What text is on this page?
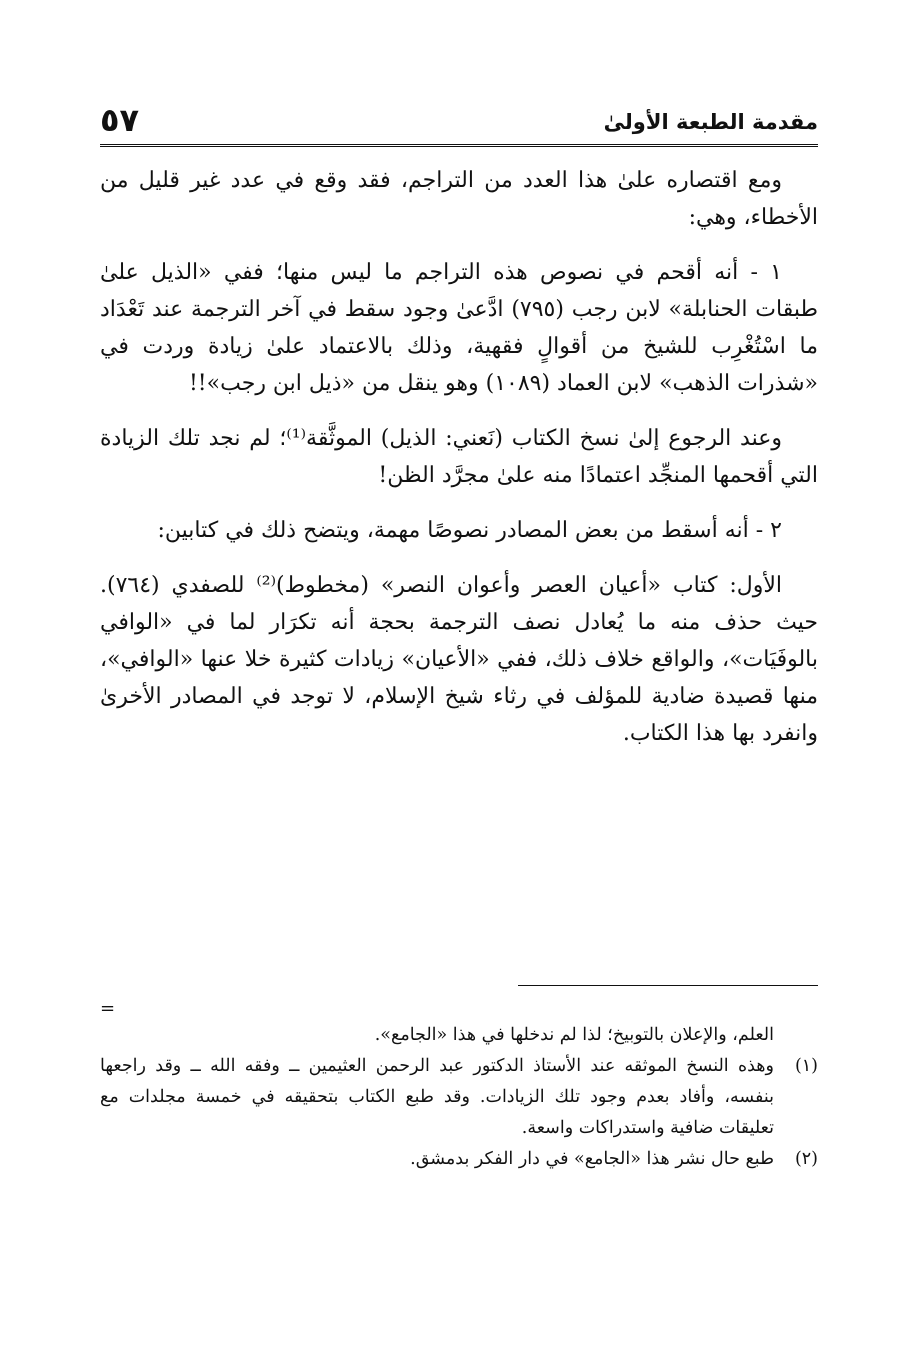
مقدمة الطبعة الأولىٰ
٥٧

ومع اقتصاره علىٰ هذا العدد من التراجم، فقد وقع في عدد غير قليل من الأخطاء، وهي:

١ - أنه أقحم في نصوص هذه التراجم ما ليس منها؛ ففي «الذيل علىٰ طبقات الحنابلة» لابن رجب (٧٩٥) ادَّعىٰ وجود سقط في آخر الترجمة عند تَعْدَاد ما اسْتُغْرِب للشيخ من أقوالٍ فقهية، وذلك بالاعتماد علىٰ زيادة وردت في «شذرات الذهب» لابن العماد (١٠٨٩) وهو ينقل من «ذيل ابن رجب»!!

وعند الرجوع إلىٰ نسخ الكتاب (نَعني: الذيل) الموثَّقة⁽¹⁾؛ لم نجد تلك الزيادة التي أقحمها المنجِّد اعتمادًا منه علىٰ مجرَّد الظن!

٢ - أنه أسقط من بعض المصادر نصوصًا مهمة، ويتضح ذلك في كتابين:

الأول: كتاب «أعيان العصر وأعوان النصر» (مخطوط)⁽²⁾ للصفدي (٧٦٤). حيث حذف منه ما يُعادل نصف الترجمة بحجة أنه تكرَار لما في «الوافي بالوفَيَات»، والواقع خلاف ذلك، ففي «الأعيان» زيادات كثيرة خلا عنها «الوافي»، منها قصيدة ضادية للمؤلف في رثاء شيخ الإسلام، لا توجد في المصادر الأخرىٰ وانفرد بها هذا الكتاب.

=
العلم، والإعلان بالتوبيخ؛ لذا لم ندخلها في هذا «الجامع».
(١)
وهذه النسخ الموثقه عند الأستاذ الدكتور عبد الرحمن العثيمين ــ وفقه الله ــ وقد راجعها بنفسه، وأفاد بعدم وجود تلك الزيادات. وقد طبع الكتاب بتحقيقه في خمسة مجلدات مع تعليقات ضافية واستدراكات واسعة.
(٢)
طبع حال نشر هذا «الجامع» في دار الفكر بدمشق.
